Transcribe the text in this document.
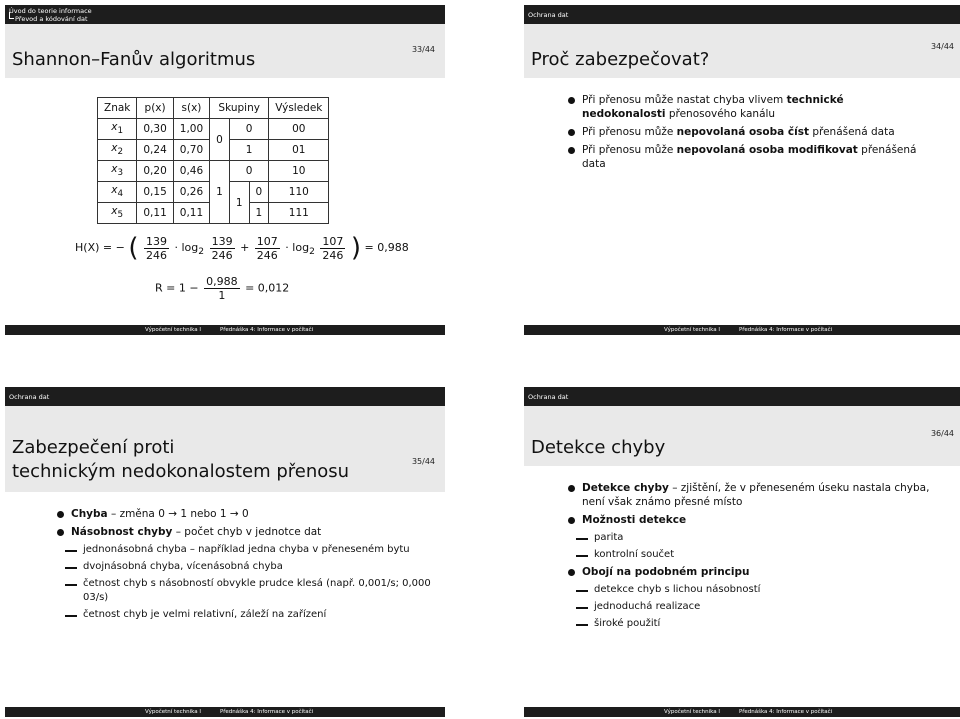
Úvod do teorie informace
Převod a kódování dat
Shannon–Fanův algoritmus	33/44
Znak	p(x)	s(x)	Skupiny			Výsledek
$x_1$	0,30	1,00	0	0		00
$x_2$	0,24	0,70		1		01
$x_3$	0,20	0,46	1	0		10
$x_4$	0,15	0,26		1	0	110
$x_5$	0,11	0,11			1	111
H(X) = − ( $\frac{139}{246} \cdot \log_2 \frac{139}{246} + \frac{107}{246} \cdot \log_2 \frac{107}{246}$ ) = 0,988
$R = 1 - \frac{0,988}{1} = 0,012$
Výpočetní technika I	Přednáška 4: Informace v počítači
Ochrana dat
Proč zabezpečovat?
34/44
Při přenosu může nastat chyba vlivem technické nedokonalosti přenosového kanálu
Při přenosu může nepovolaná osoba číst přenášená data
Při přenosu může nepovolaná osoba modifikovat přenášená data
Výpočetní technika I	Přednáška 4: Informace v počítači
Ochrana dat
Zabezpečení proti
technickým nedokonalostem přenosu	35/44
Chyba – změna 0 → 1 nebo 1 → 0
Násobnost chyby – počet chyb v jednotce dat
jednonásobná chyba – například jedna chyba v přeneseném bytu
dvojnásobná chyba, vícenásobná chyba
četnost chyb s násobností obvykle prudce klesá (např. 0,001/s; 0,000 03/s)
četnost chyb je velmi relativní, záleží na zařízení
Výpočetní technika I	Přednáška 4: Informace v počítači
Ochrana dat
Detekce chyby
36/44
Detekce chyby – zjištění, že v přeneseném úseku nastala chyba, není však známo přesné místo
Možnosti detekce
parita
kontrolní součet
Obojí na podobném principu
detekce chyb s lichou násobností
jednoduchá realizace
široké použití
Výpočetní technika I	Přednáška 4: Informace v počítači
